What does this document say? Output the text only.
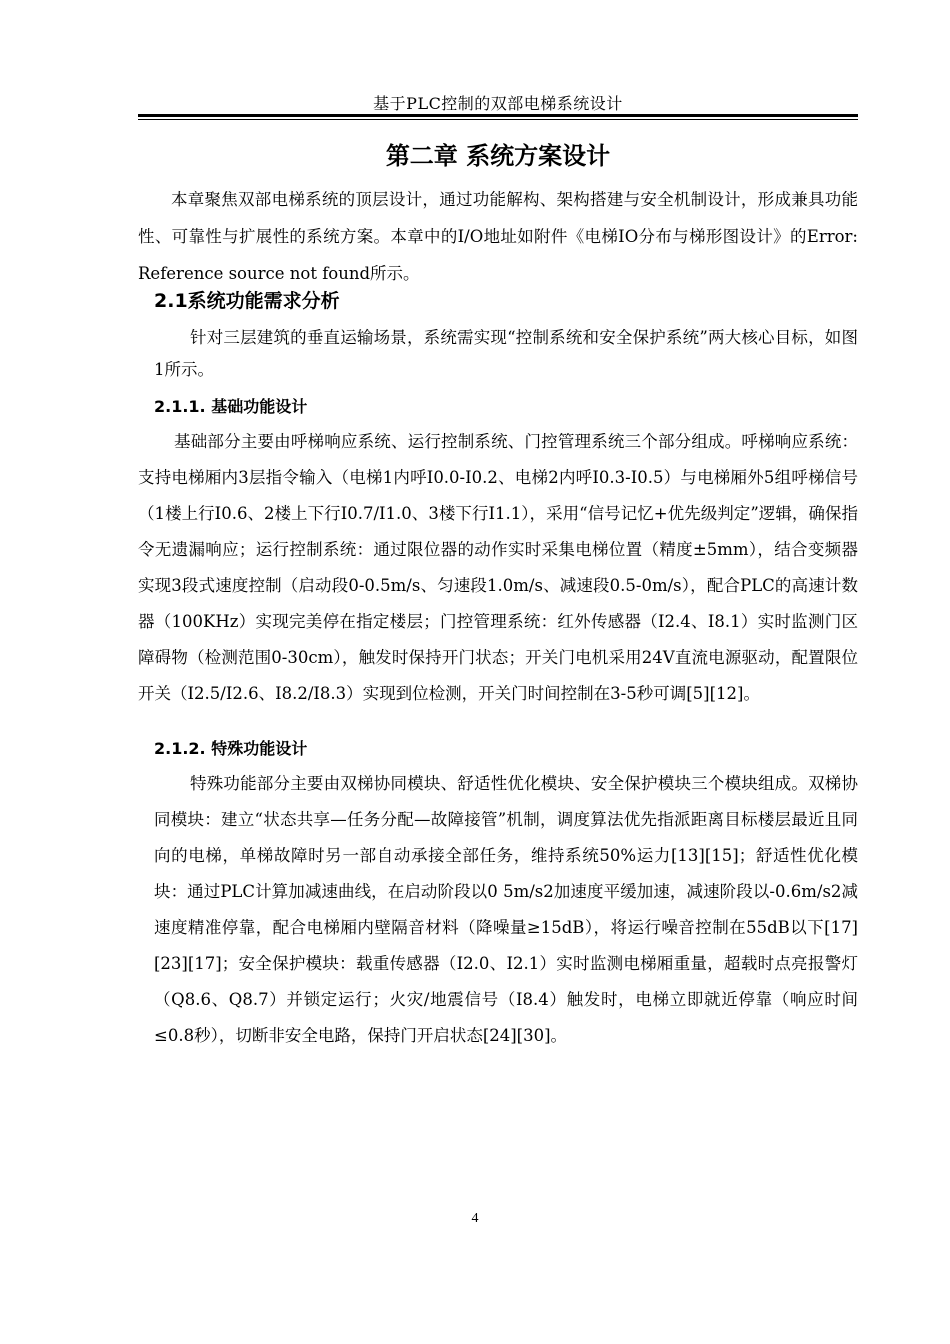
基于PLC控制的双部电梯系统设计
第二章 系统方案设计

本章聚焦双部电梯系统的顶层设计，通过功能解构、架构搭建与安全机制设计，形成兼具功能性、可靠性与扩展性的系统方案。本章中的I/O地址如附件《电梯IO分布与梯形图设计》的Error: Reference source not found所示。

2.1系统功能需求分析

针对三层建筑的垂直运输场景，系统需实现“控制系统和安全保护系统”两大核心目标，如图1所示。

2.1.1. 基础功能设计

基础部分主要由呼梯响应系统、运行控制系统、门控管理系统三个部分组成。呼梯响应系统：支持电梯厢内3层指令输入（电梯1内呼I0.0-I0.2、电梯2内呼I0.3-I0.5）与电梯厢外5组呼梯信号（1楼上行I0.6、2楼上下行I0.7/I1.0、3楼下行I1.1），采用“信号记忆+优先级判定”逻辑，确保指令无遗漏响应；运行控制系统：通过限位器的动作实时采集电梯位置（精度±5mm），结合变频器实现3段式速度控制（启动段0-0.5m/s、匀速段1.0m/s、减速段0.5-0m/s），配合PLC的高速计数器（100KHz）实现完美停在指定楼层；门控管理系统：红外传感器（I2.4、I8.1）实时监测门区障碍物（检测范围0-30cm），触发时保持开门状态；开关门电机采用24V直流电源驱动，配置限位开关（I2.5/I2.6、I8.2/I8.3）实现到位检测，开关门时间控制在3-5秒可调[5][12]。

2.1.2. 特殊功能设计

特殊功能部分主要由双梯协同模块、舒适性优化模块、安全保护模块三个模块组成。双梯协同模块：建立“状态共享—任务分配—故障接管”机制，调度算法优先指派距离目标楼层最近且同向的电梯，单梯故障时另一部自动承接全部任务，维持系统50%运力[13][15]；舒适性优化模块：通过PLC计算加减速曲线，在启动阶段以0 5m/s2加速度平缓加速，减速阶段以-0.6m/s2减速度精准停靠，配合电梯厢内壁隔音材料（降噪量≥15dB），将运行噪音控制在55dB以下[17][23][17]；安全保护模块：载重传感器（I2.0、I2.1）实时监测电梯厢重量，超载时点亮报警灯（Q8.6、Q8.7）并锁定运行；火灾/地震信号（I8.4）触发时，电梯立即就近停靠（响应时间≤0.8秒），切断非安全电路，保持门开启状态[24][30]。

4
